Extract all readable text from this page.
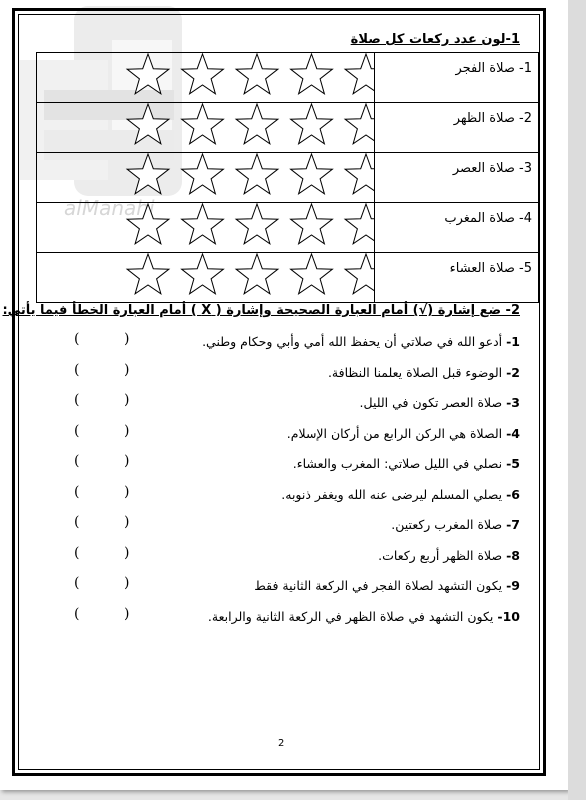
alManahj
1-لون عدد ركعات كل صلاة
	1- صلاة الفجر

	2- صلاة الظهر

	3- صلاة العصر

	4- صلاة المغرب

	5- صلاة العشاء
2- ضع إشارة (√) أمام العبارة الصحيحة وإشارة ( X ) أمام العبارة الخطأ فيما يأتي:
1- أدعو الله في صلاتي أن يحفظ الله أمي وأبي وحكام وطني.
(          )
2- الوضوء قبل الصلاة يعلمنا النظافة.
(          )
3- صلاة العصر تكون في الليل.
(          )
4- الصلاة هي الركن الرابع من أركان الإسلام.
(          )
5- نصلي في الليل صلاتي: المغرب والعشاء.
(          )
6- يصلي المسلم ليرضى عنه الله ويغفر ذنوبه.
(          )
7- صلاة المغرب ركعتين.
(          )
8- صلاة الظهر أربع ركعات.
(          )
9- يكون التشهد لصلاة الفجر في الركعة الثانية فقط
(          )
10- يكون التشهد في صلاة الظهر في الركعة الثانية والرابعة.
(          )
2
